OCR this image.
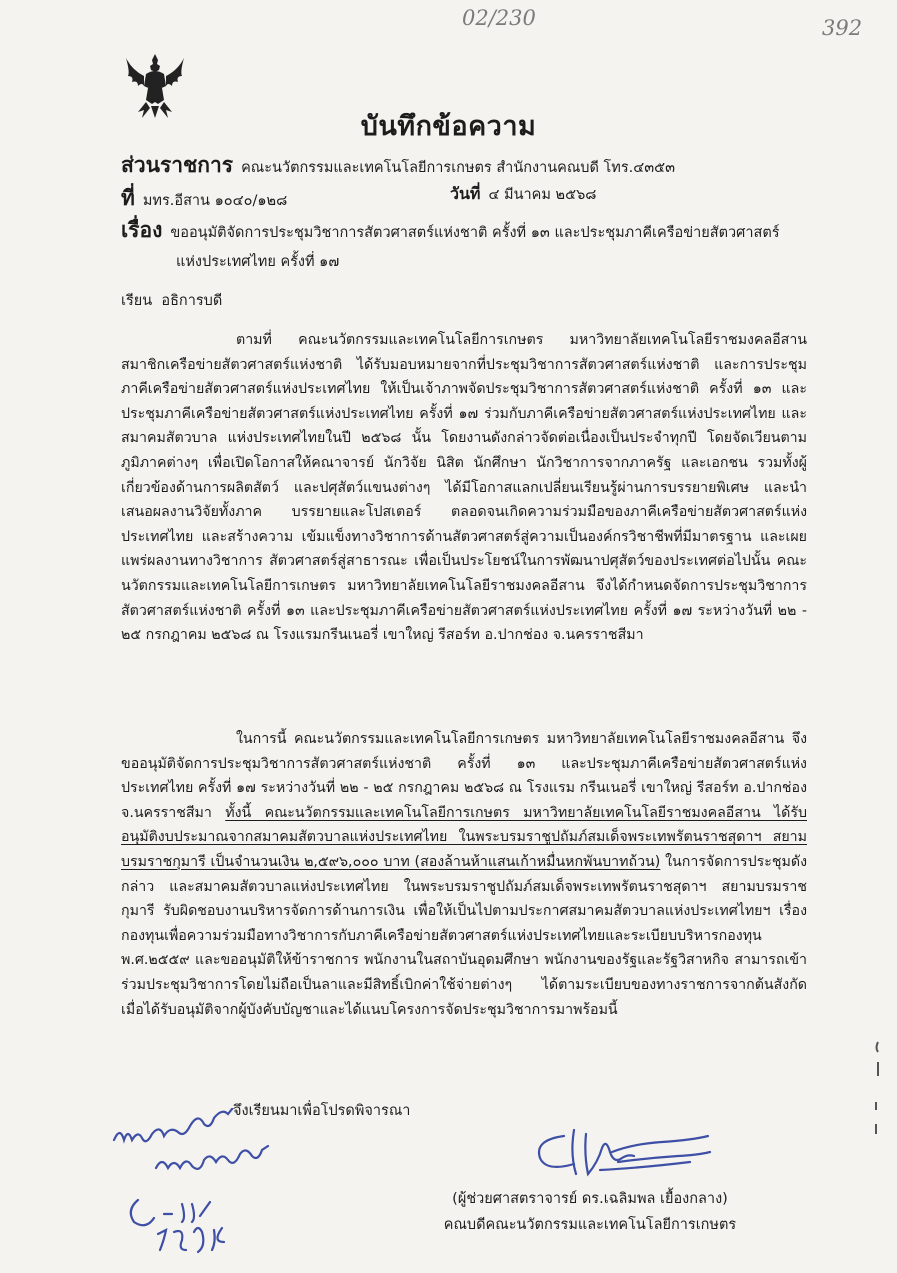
02/230	392
บันทึกข้อความ
ส่วนราชการ คณะนวัตกรรมและเทคโนโลยีการเกษตร สำนักงานคณบดี โทร.๔๓๕๓
ที่ มทร.อีสาน ๑๐๔๐/๑๒๘	วันที่ ๔ มีนาคม ๒๕๖๘
เรื่อง ขออนุมัติจัดการประชุมวิชาการสัตวศาสตร์แห่งชาติ ครั้งที่ ๑๓ และประชุมภาคีเครือข่ายสัตวศาสตร์
แห่งประเทศไทย ครั้งที่ ๑๗
เรียน อธิการบดี

ตามที่ คณะนวัตกรรมและเทคโนโลยีการเกษตร มหาวิทยาลัยเทคโนโลยีราชมงคลอีสาน สมาชิกเครือข่ายสัตวศาสตร์แห่งชาติ ได้รับมอบหมายจากที่ประชุมวิชาการสัตวศาสตร์แห่งชาติ และการประชุมภาคีเครือข่ายสัตวศาสตร์แห่งประเทศไทย ให้เป็นเจ้าภาพจัดประชุมวิชาการสัตวศาสตร์แห่งชาติ ครั้งที่ ๑๓ และประชุมภาคีเครือข่ายสัตวศาสตร์แห่งประเทศไทย ครั้งที่ ๑๗ ร่วมกับภาคีเครือข่ายสัตวศาสตร์แห่งประเทศไทย และสมาคมสัตวบาล แห่งประเทศไทยในปี ๒๕๖๘ นั้น โดยงานดังกล่าวจัดต่อเนื่องเป็นประจำทุกปี โดยจัดเวียนตามภูมิภาคต่างๆ เพื่อเปิดโอกาสให้คณาจารย์ นักวิจัย นิสิต นักศึกษา นักวิชาการจากภาครัฐ และเอกชน รวมทั้งผู้เกี่ยวข้องด้านการผลิตสัตว์ และปศุสัตว์แขนงต่างๆ ได้มีโอกาสแลกเปลี่ยนเรียนรู้ผ่านการบรรยายพิเศษ และนำเสนอผลงานวิจัยทั้งภาค บรรยายและโปสเตอร์ ตลอดจนเกิดความร่วมมือของภาคีเครือข่ายสัตวศาสตร์แห่งประเทศไทย และสร้างความ เข้มแข็งทางวิชาการด้านสัตวศาสตร์สู่ความเป็นองค์กรวิชาชีพที่มีมาตรฐาน และเผยแพร่ผลงานทางวิชาการ สัตวศาสตร์สู่สาธารณะ เพื่อเป็นประโยชน์ในการพัฒนาปศุสัตว์ของประเทศต่อไปนั้น คณะนวัตกรรมและเทคโนโลยีการเกษตร มหาวิทยาลัยเทคโนโลยีราชมงคลอีสาน จึงได้กำหนดจัดการประชุมวิชาการสัตวศาสตร์แห่งชาติ ครั้งที่ ๑๓ และประชุมภาคีเครือข่ายสัตวศาสตร์แห่งประเทศไทย ครั้งที่ ๑๗ ระหว่างวันที่ ๒๒ - ๒๕ กรกฎาคม ๒๕๖๘ ณ โรงแรมกรีนเนอรี่ เขาใหญ่ รีสอร์ท อ.ปากช่อง จ.นครราชสีมา

ในการนี้ คณะนวัตกรรมและเทคโนโลยีการเกษตร มหาวิทยาลัยเทคโนโลยีราชมงคลอีสาน จึงขออนุมัติจัดการประชุมวิชาการสัตวศาสตร์แห่งชาติ ครั้งที่ ๑๓ และประชุมภาคีเครือข่ายสัตวศาสตร์แห่งประเทศไทย ครั้งที่ ๑๗ ระหว่างวันที่ ๒๒ - ๒๕ กรกฎาคม ๒๕๖๘ ณ โรงแรม กรีนเนอรี่ เขาใหญ่ รีสอร์ท อ.ปากช่อง จ.นครราชสีมา ทั้งนี้ คณะนวัตกรรมและเทคโนโลยีการเกษตร มหาวิทยาลัยเทคโนโลยีราชมงคลอีสาน ได้รับอนุมัติงบประมาณจากสมาคมสัตวบาลแห่งประเทศไทย ในพระบรมราชูปถัมภ์สมเด็จพระเทพรัตนราชสุดาฯ สยามบรมราชกุมารี เป็นจำนวนเงิน ๒,๕๙๖,๐๐๐ บาท (สองล้านห้าแสนเก้าหมื่นหกพันบาทถ้วน) ในการจัดการประชุมดังกล่าว และสมาคมสัตวบาลแห่งประเทศไทย ในพระบรมราชูปถัมภ์สมเด็จพระเทพรัตนราชสุดาฯ สยามบรมราชกุมารี รับผิดชอบงานบริหารจัดการด้านการเงิน เพื่อให้เป็นไปตามประกาศสมาคมสัตวบาลแห่งประเทศไทยฯ เรื่อง กองทุนเพื่อความร่วมมือทางวิชาการกับภาคีเครือข่ายสัตวศาสตร์แห่งประเทศไทยและระเบียบบริหารกองทุน พ.ศ.๒๕๕๙ และขออนุมัติให้ข้าราชการ พนักงานในสถาบันอุดมศึกษา พนักงานของรัฐและรัฐวิสาหกิจ สามารถเข้าร่วมประชุมวิชาการโดยไม่ถือเป็นลาและมีสิทธิ์เบิกค่าใช้จ่ายต่างๆ ได้ตามระเบียบของทางราชการจากต้นสังกัด เมื่อได้รับอนุมัติจากผู้บังคับบัญชาและได้แนบโครงการจัดประชุมวิชาการมาพร้อมนี้

จึงเรียนมาเพื่อโปรดพิจารณา
(ผู้ช่วยศาสตราจารย์ ดร.เฉลิมพล เยื้องกลาง)
คณบดีคณะนวัตกรรมและเทคโนโลยีการเกษตร
